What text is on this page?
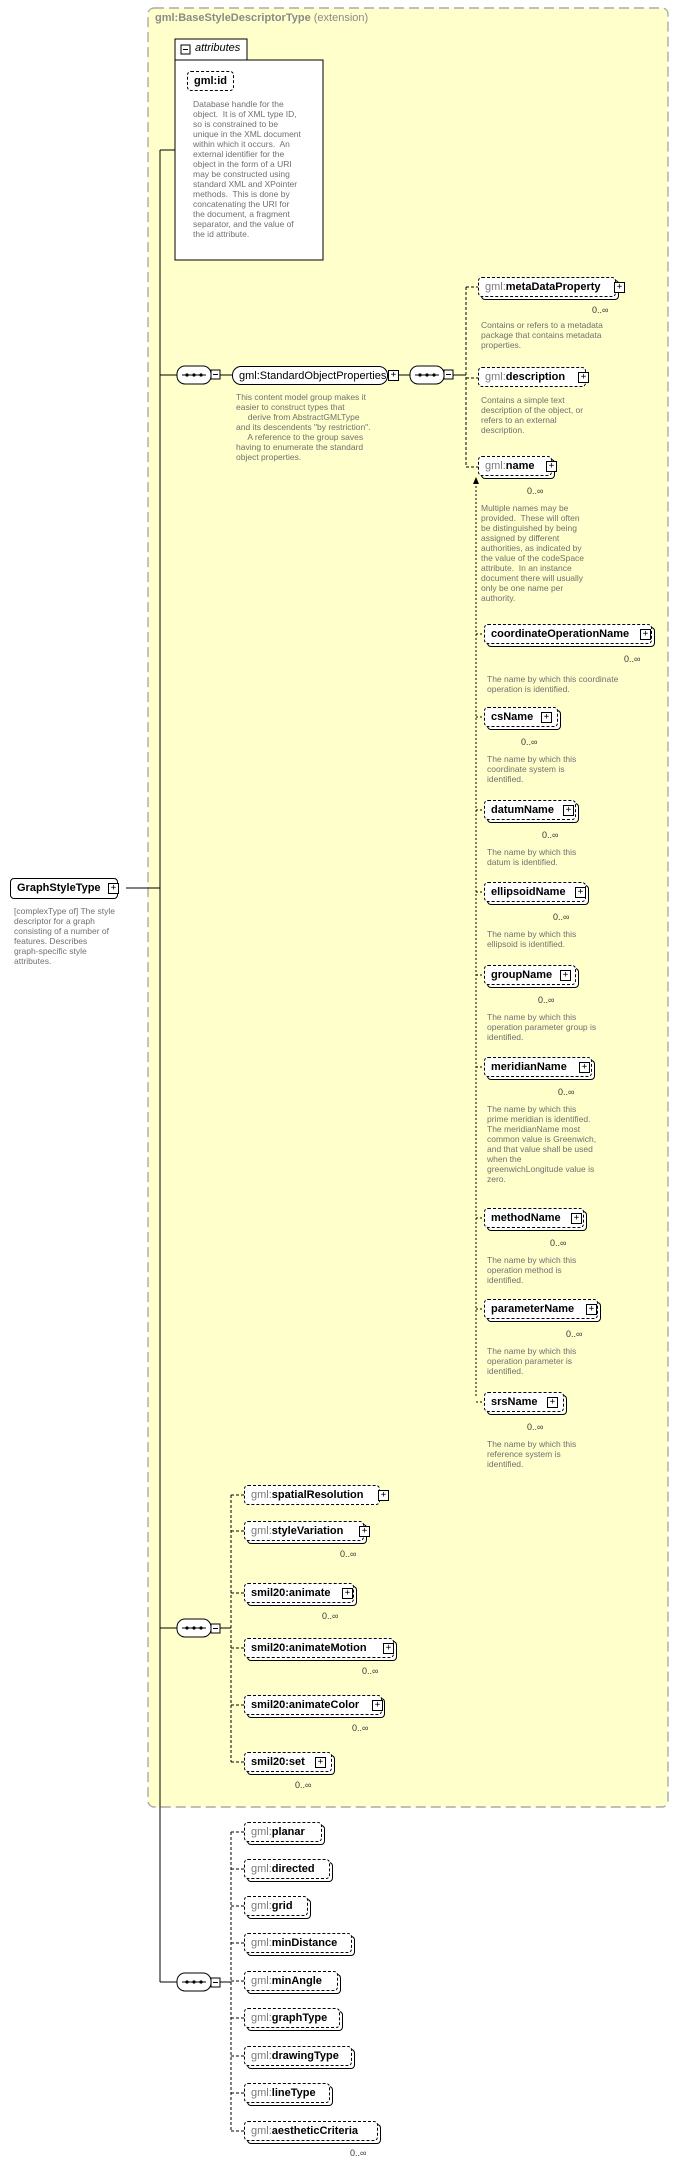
gml:BaseStyleDescriptorType (extension)
attributes
gml:id
Database handle for the
object.  It is of XML type ID,
so is constrained to be
unique in the XML document
within which it occurs.  An
external identifier for the
object in the form of a URI
may be constructed using
standard XML and XPointer
methods.  This is done by
concatenating the URI for
the document, a fragment
separator, and the value of
the id attribute.
GraphStyleType	+
[complexType of] The style
descriptor for a graph
consisting of a number of
features. Describes
graph-specific style
attributes.
gml:StandardObjectProperties +
This content model group makes it
easier to construct types that
derive from AbstractGMLType
and its descendents "by restriction".
A reference to the group saves
having to enumerate the standard
object properties.
gml:metaDataProperty	+
0..∞
Contains or refers to a metadata
package that contains metadata
properties.
gml:description	+
Contains a simple text
description of the object, or
refers to an external
description.
gml:name	+
0..∞
Multiple names may be
provided.  These will often
be distinguished by being
assigned by different
authorities, as indicated by
the value of the codeSpace
attribute.  In an instance
document there will usually
only be one name per
authority.
coordinateOperationName	+
0..∞
The name by which this coordinate
operation is identified.
csName	+
0..∞
The name by which this
coordinate system is
identified.
datumName	+
0..∞
The name by which this
datum is identified.
ellipsoidName	+
0..∞
The name by which this
ellipsoid is identified.
groupName	+
0..∞
The name by which this
operation parameter group is
identified.
meridianName	+
0..∞
The name by which this
prime meridian is identified.
The meridianName most
common value is Greenwich,
and that value shall be used
when the
greenwichLongitude value is
zero.
methodName	+
0..∞
The name by which this
operation method is
identified.
parameterName	+
0..∞
The name by which this
operation parameter is
identified.
srsName	+
0..∞
The name by which this
reference system is
identified.
gml:spatialResolution	+
gml:styleVariation	+
0..∞
smil20:animate	+
0..∞
smil20:animateMotion	+
0..∞
smil20:animateColor	+
0..∞
smil20:set	+
0..∞
gml:planar
gml:directed
gml:grid
gml:minDistance
gml:minAngle
gml:graphType
gml:drawingType
gml:lineType
gml:aestheticCriteria
0..∞
